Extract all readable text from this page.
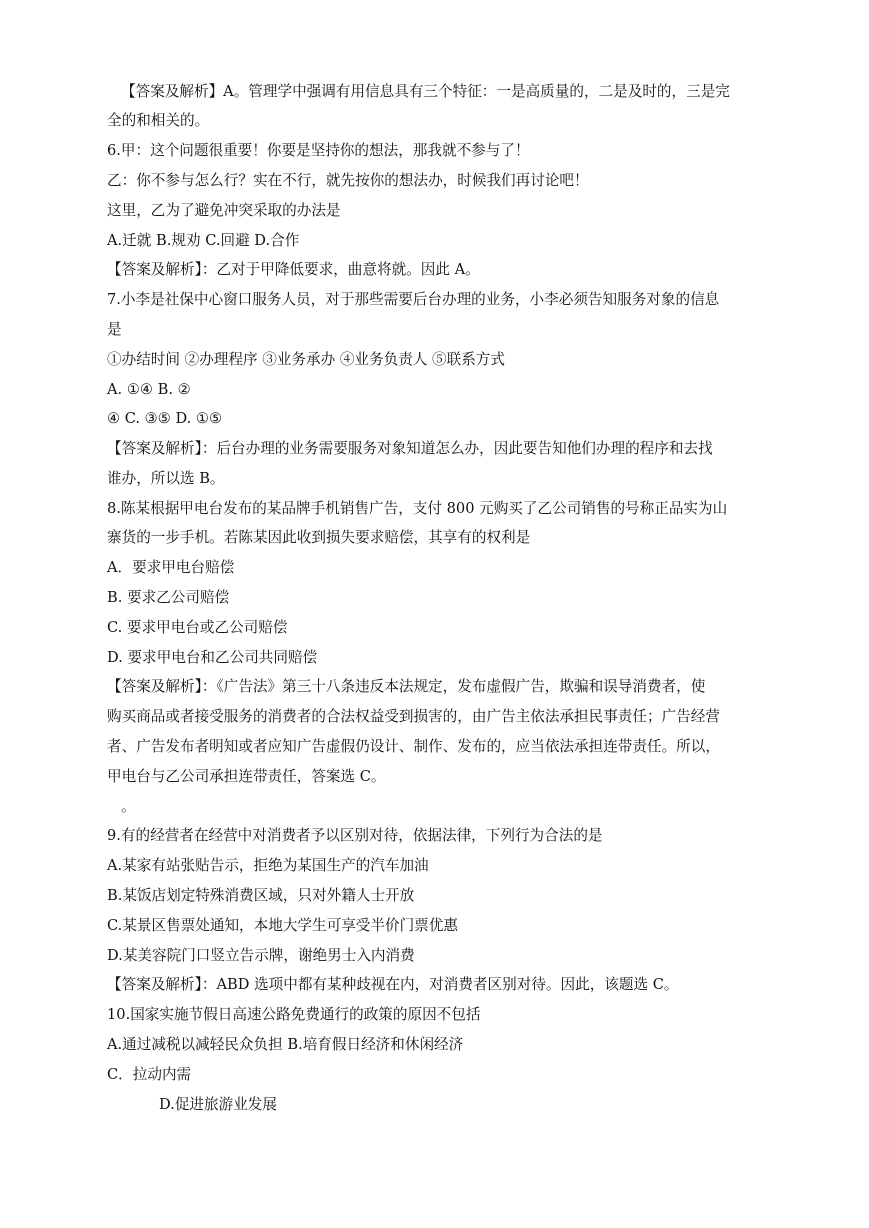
【答案及解析】A。管理学中强调有用信息具有三个特征：一是高质量的，二是及时的，三是完
全的和相关的。
6.甲：这个问题很重要！你要是坚持你的想法，那我就不参与了！
乙：你不参与怎么行？实在不行，就先按你的想法办，时候我们再讨论吧！
这里，乙为了避免冲突采取的办法是
A.迁就 B.规劝 C.回避 D.合作
【答案及解析】：乙对于甲降低要求，曲意将就。因此 A。
7.小李是社保中心窗口服务人员，对于那些需要后台办理的业务，小李必须告知服务对象的信息
是
①办结时间 ②办理程序 ③业务承办 ④业务负责人 ⑤联系方式
A. ①④ B. ②
④ C. ③⑤ D. ①⑤
【答案及解析】：后台办理的业务需要服务对象知道怎么办，因此要告知他们办理的程序和去找
谁办，所以选 B。
8.陈某根据甲电台发布的某品牌手机销售广告，支付 800 元购买了乙公司销售的号称正品实为山
寨货的一步手机。若陈某因此收到损失要求赔偿，其享有的权利是
A．要求甲电台赔偿
B. 要求乙公司赔偿
C. 要求甲电台或乙公司赔偿
D. 要求甲电台和乙公司共同赔偿
【答案及解析】：《广告法》第三十八条违反本法规定，发布虚假广告，欺骗和误导消费者，使
购买商品或者接受服务的消费者的合法权益受到损害的，由广告主依法承担民事责任；广告经营
者、广告发布者明知或者应知广告虚假仍设计、制作、发布的，应当依法承担连带责任。所以，
甲电台与乙公司承担连带责任，答案选 C。
。
9.有的经营者在经营中对消费者予以区别对待，依据法律，下列行为合法的是
A.某家有站张贴告示，拒绝为某国生产的汽车加油
B.某饭店划定特殊消费区域，只对外籍人士开放
C.某景区售票处通知，本地大学生可享受半价门票优惠
D.某美容院门口竖立告示牌，谢绝男士入内消费
【答案及解析】：ABD 选项中都有某种歧视在内，对消费者区别对待。因此，该题选 C。
10.国家实施节假日高速公路免费通行的政策的原因不包括
A.通过减税以减轻民众负担 B.培育假日经济和休闲经济
C．拉动内需
D.促进旅游业发展
